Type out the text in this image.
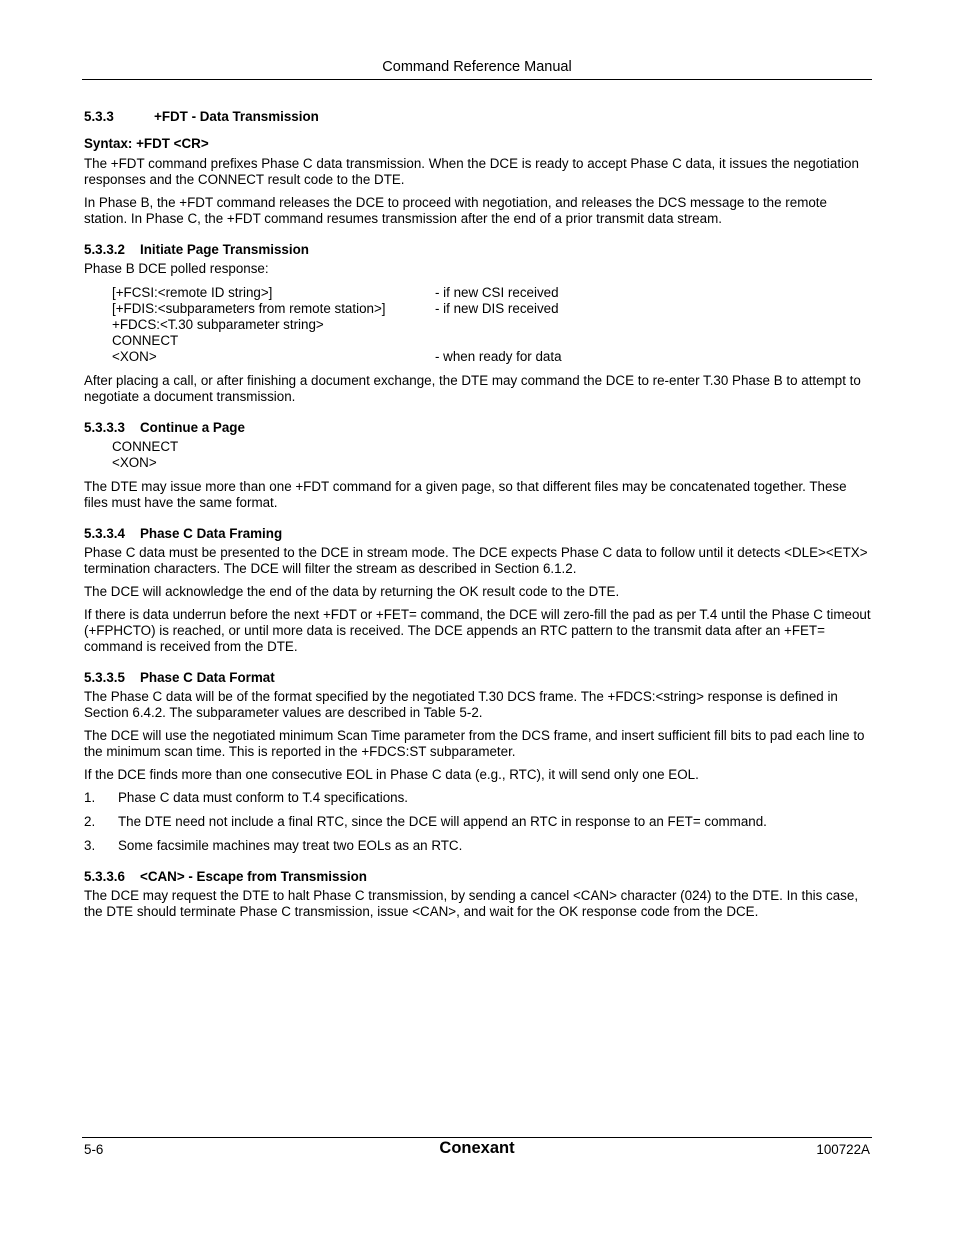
Command Reference Manual
5.3.3	+FDT - Data Transmission
Syntax: +FDT <CR>

The +FDT command prefixes Phase C data transmission. When the DCE is ready to accept Phase C data, it issues the negotiation responses and the CONNECT result code to the DTE.

In Phase B, the +FDT command releases the DCE to proceed with negotiation, and releases the DCS message to the remote station. In Phase C, the +FDT command resumes transmission after the end of a prior transmit data stream.

5.3.3.2 Initiate Page Transmission

Phase B DCE polled response:

[+FCSI:<remote ID string>]	- if new CSI received
[+FDIS:<subparameters from remote station>]	- if new DIS received
+FDCS:<T.30 subparameter string>
CONNECT
<XON>	- when ready for data

After placing a call, or after finishing a document exchange, the DTE may command the DCE to re-enter T.30 Phase B to attempt to negotiate a document transmission.

5.3.3.3 Continue a Page
CONNECT
<XON>

The DTE may issue more than one +FDT command for a given page, so that different files may be concatenated together. These files must have the same format.

5.3.3.4 Phase C Data Framing

Phase C data must be presented to the DCE in stream mode. The DCE expects Phase C data to follow until it detects <DLE><ETX> termination characters. The DCE will filter the stream as described in Section 6.1.2.

The DCE will acknowledge the end of the data by returning the OK result code to the DTE.

If there is data underrun before the next +FDT or +FET= command, the DCE will zero-fill the pad as per T.4 until the Phase C timeout (+FPHCTO) is reached, or until more data is received. The DCE appends an RTC pattern to the transmit data after an +FET= command is received from the DTE.

5.3.3.5 Phase C Data Format

The Phase C data will be of the format specified by the negotiated T.30 DCS frame. The +FDCS:<string> response is defined in Section 6.4.2. The subparameter values are described in Table 5-2.

The DCE will use the negotiated minimum Scan Time parameter from the DCS frame, and insert sufficient fill bits to pad each line to the minimum scan time. This is reported in the +FDCS:ST subparameter.

If the DCE finds more than one consecutive EOL in Phase C data (e.g., RTC), it will send only one EOL.

1.	Phase C data must conform to T.4 specifications.
2.	The DTE need not include a final RTC, since the DCE will append an RTC in response to an FET= command.
3.	Some facsimile machines may treat two EOLs as an RTC.
5.3.3.6 <CAN> - Escape from Transmission

The DCE may request the DTE to halt Phase C transmission, by sending a cancel <CAN> character (024) to the DTE. In this case, the DTE should terminate Phase C transmission, issue <CAN>, and wait for the OK response code from the DCE.

5-6	Conexant	100722A
